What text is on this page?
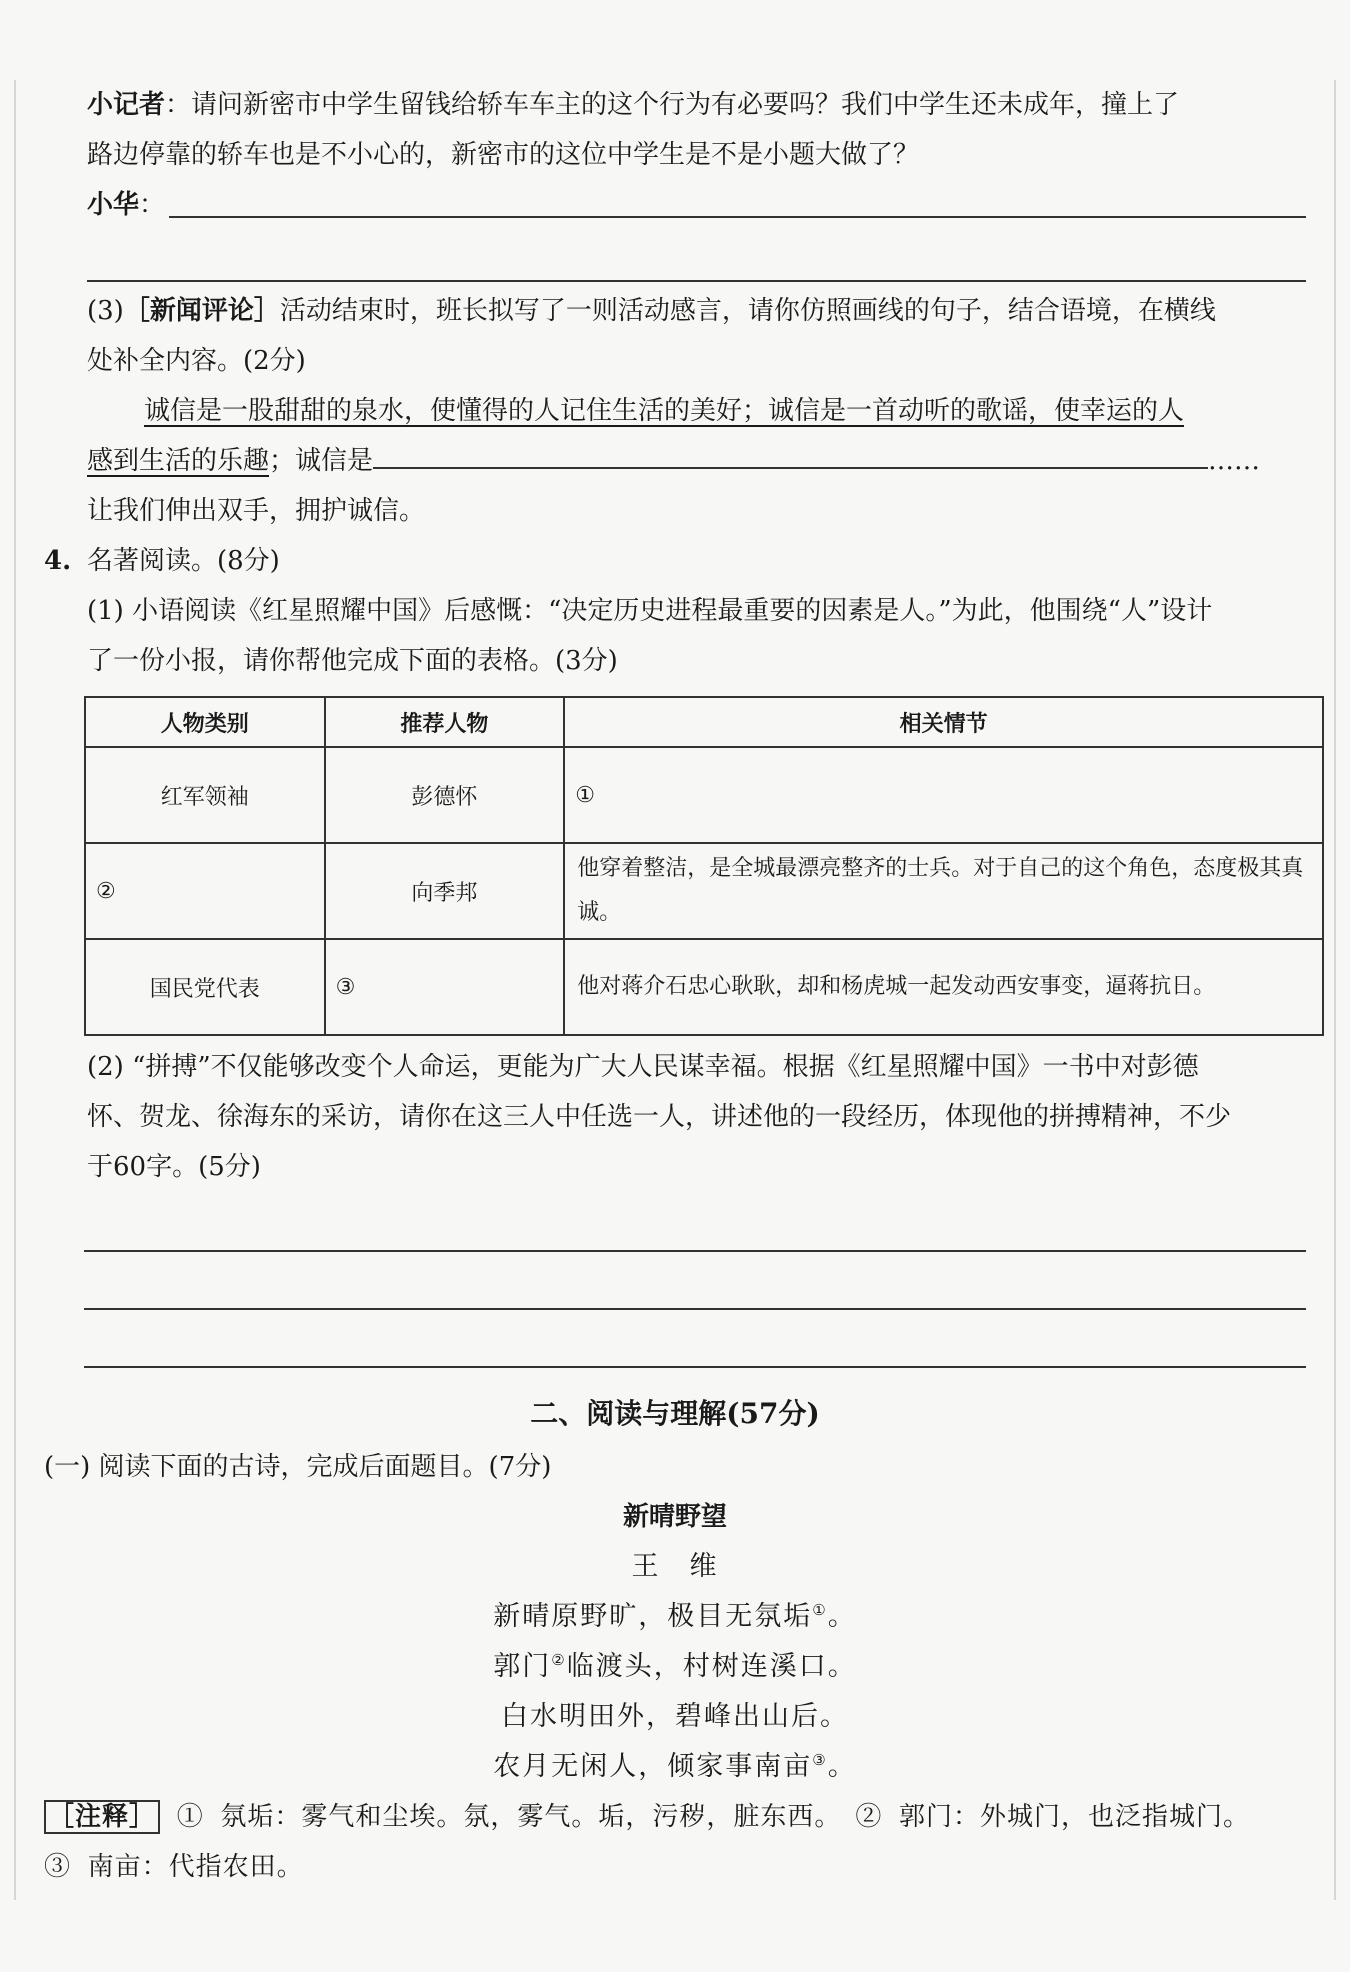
小记者：请问新密市中学生留钱给轿车车主的这个行为有必要吗？我们中学生还未成年，撞上了
路边停靠的轿车也是不小心的，新密市的这位中学生是不是小题大做了？
小华 ：
(3)［新闻评论］活动结束时，班长拟写了一则活动感言，请你仿照画线的句子，结合语境，在横线
处补全内容。(2分)
诚信是一股甜甜的泉水，使懂得的人记住生活的美好；诚信是一首动听的歌谣，使幸运的人
感到生活的乐趣；诚信是	……
让我们伸出双手，拥护诚信。
4. 名著阅读。(8分)
(1) 小语阅读《红星照耀中国》后感慨：“决定历史进程最重要的因素是人。”为此，他围绕“人”设计
了一份小报，请你帮他完成下面的表格。(3分)
人物类别	推荐人物	相关情节
红军领袖	彭德怀	①
②	向季邦	他穿着整洁，是全城最漂亮整齐的士兵。对于自己的这个角色，态度极其真诚。
国民党代表	③	他对蒋介石忠心耿耿，却和杨虎城一起发动西安事变，逼蒋抗日。
(2) “拼搏”不仅能够改变个人命运，更能为广大人民谋幸福。根据《红星照耀中国》一书中对彭德
怀、贺龙、徐海东的采访，请你在这三人中任选一人，讲述他的一段经历，体现他的拼搏精神，不少
于60字。(5分)
二、阅读与理解(57分)
(一) 阅读下面的古诗，完成后面题目。(7分)
新晴野望
王　维
新晴原野旷，极目无氛垢①。
郭门②临渡头，村树连溪口。
白水明田外，碧峰出山后。
农月无闲人，倾家事南亩③。
［注释］ ① 氛垢：雾气和尘埃。氛，雾气。垢，污秽，脏东西。　 ② 郭门：外城门，也泛指城门。
③ 南亩：代指农田。
